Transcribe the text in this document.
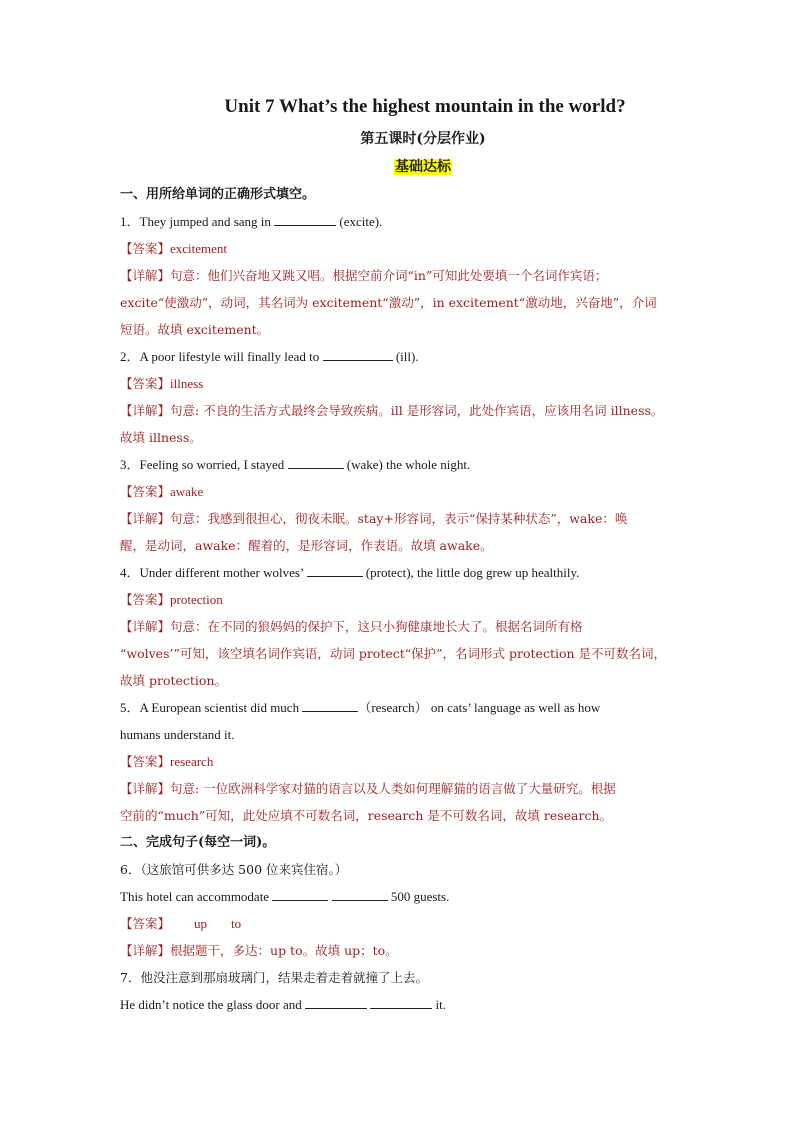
Unit 7 What’s the highest mountain in the world?
第五课时(分层作业)
基础达标
一、用所给单词的正确形式填空。
1．They jumped and sang in	(excite).
【答案】excitement
【详解】句意：他们兴奋地又跳又唱。根据空前介词“in”可知此处要填一个名词作宾语；
excite“使激动”，动词，其名词为 excitement“激动”，in excitement“激动地，兴奋地”，介词
短语。故填 excitement。
2．A poor lifestyle will finally lead to	(ill).
【答案】illness
【详解】句意: 不良的生活方式最终会导致疾病。ill 是形容词，此处作宾语，应该用名词 illness。
故填 illness。
3．Feeling so worried, I stayed	(wake) the whole night.
【答案】awake
【详解】句意：我感到很担心，彻夜未眠。stay+形容词，表示“保持某种状态”，wake：唤
醒，是动词，awake：醒着的，是形容词，作表语。故填 awake。
4．Under different mother wolves’	(protect), the little dog grew up healthily.
【答案】protection
【详解】句意：在不同的狼妈妈的保护下，这只小狗健康地长大了。根据名词所有格
“wolves’”可知，该空填名词作宾语，动词 protect“保护”，名词形式 protection 是不可数名词，
故填 protection。
5．A European scientist did much	（research） on cats’ language as well as how
humans understand it.
【答案】research
【详解】句意: 一位欧洲科学家对猫的语言以及人类如何理解猫的语言做了大量研究。根据
空前的“much”可知，此处应填不可数名词，research 是不可数名词，故填 research。
二、完成句子(每空一词)。
6．（这旅馆可供多达 500 位来宾住宿。）
This hotel can accommodate	500 guests.
【答案】 up to
【详解】根据题干，多达：up to。故填 up；to。
7．他没注意到那扇玻璃门，结果走着走着就撞了上去。
He didn’t notice the glass door and	it.
